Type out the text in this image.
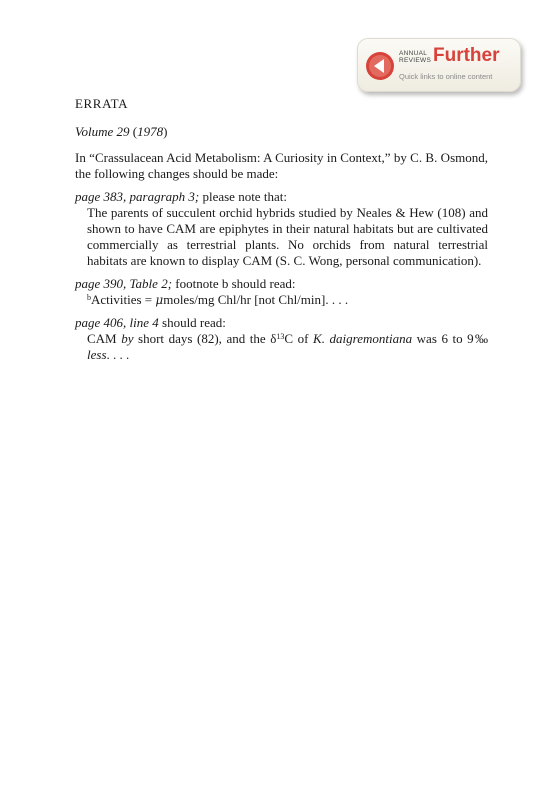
ANNUAL
REVIEWS Further
Quick links to online content

ERRATA

Volume 29 (1978)

In “Crassulacean Acid Metabolism: A Curiosity in Context,” by C. B. Osmond, the following changes should be made:

page 383, paragraph 3; please note that:

The parents of succulent orchid hybrids studied by Neales & Hew (108) and shown to have CAM are epiphytes in their natural habitats but are cultivated commercially as terrestrial plants. No orchids from natural terrestrial habitats are known to display CAM (S. C. Wong, personal communication).

page 390, Table 2; footnote b should read:

$^b$Activities = μmoles/mg Chl/hr [not Chl/min]. . . .

page 406, line 4 should read:

CAM by short days (82), and the $\delta^{13}C$ of K. daigremontiana was 6 to 9‰ less. . . .
